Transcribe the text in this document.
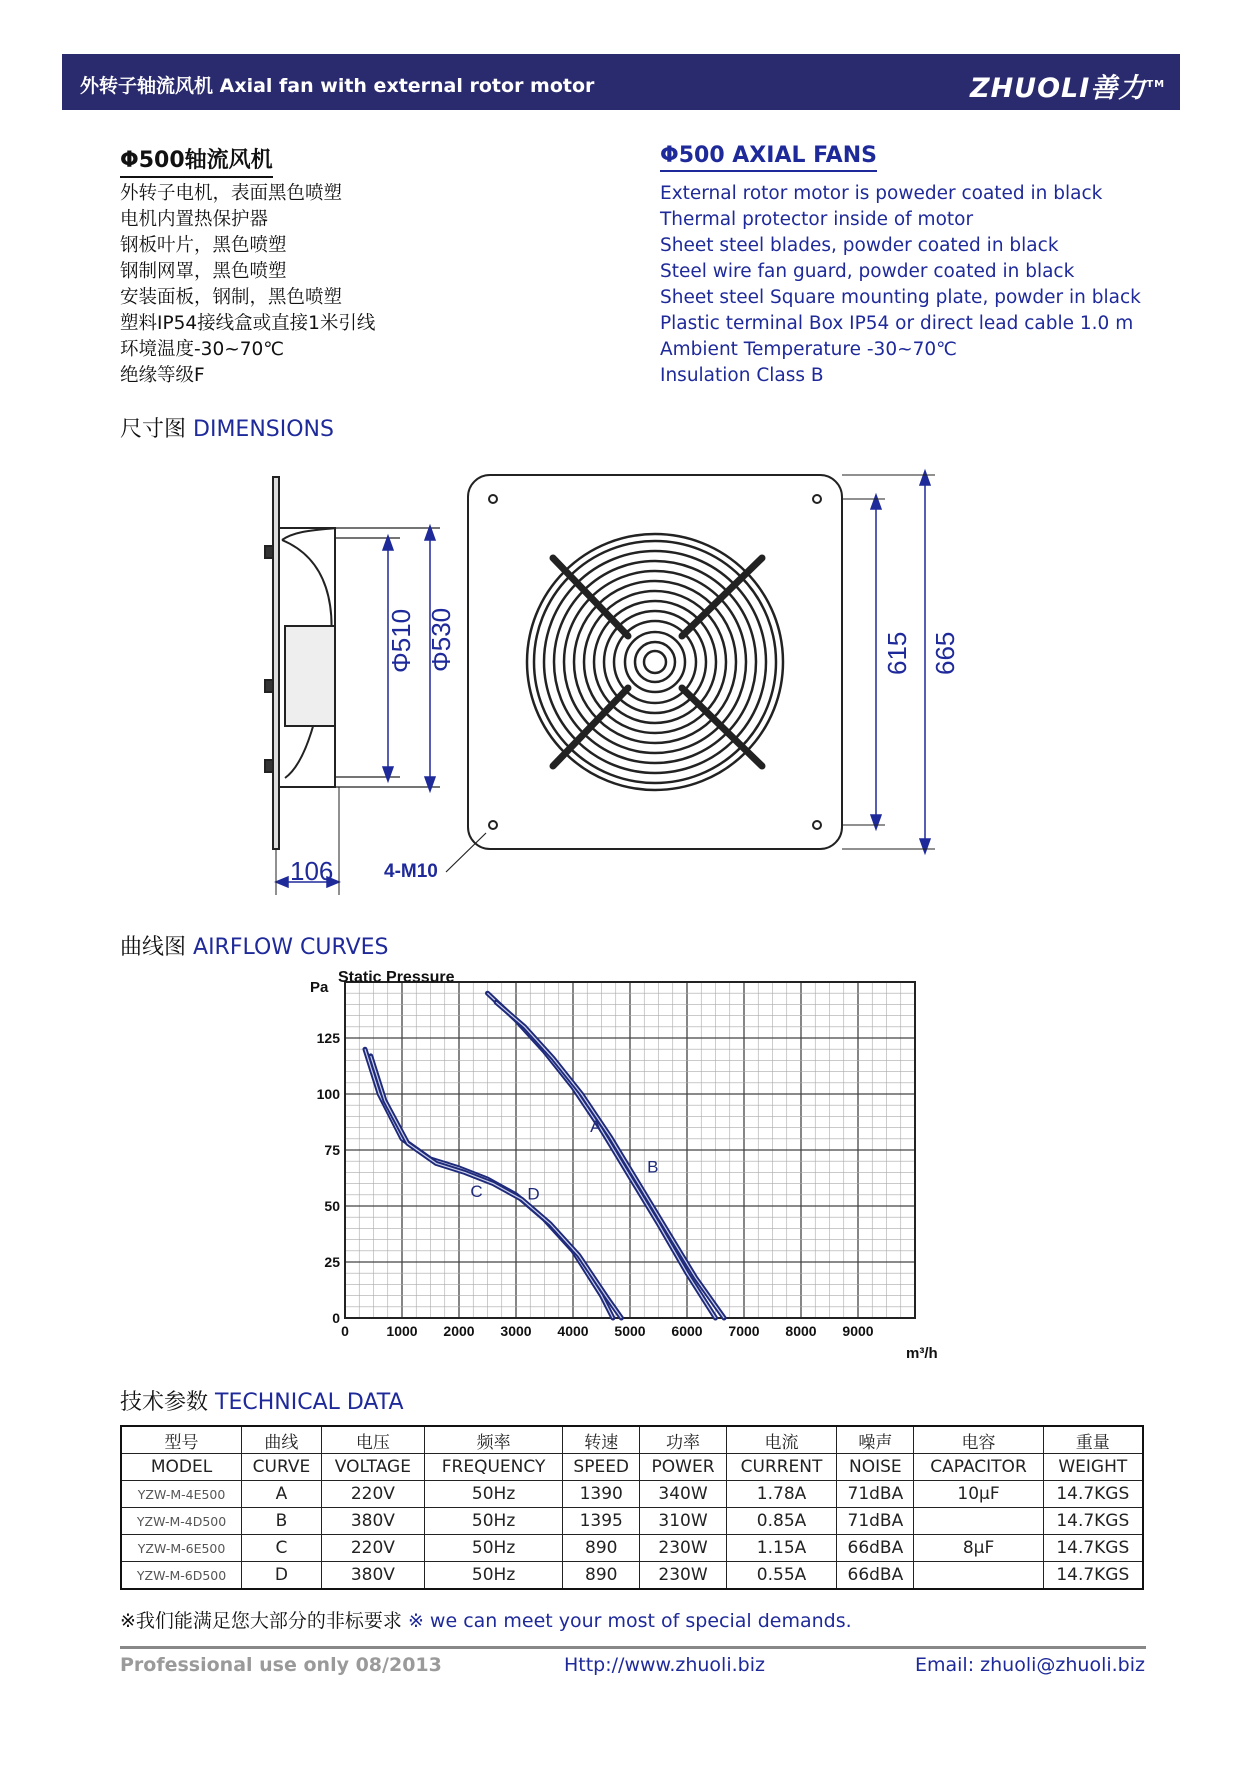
外转子轴流风机 Axial fan with external rotor motor	ZHUOLI善力™
Φ500轴流风机
外转子电机，表面黑色喷塑
电机内置热保护器
钢板叶片，黑色喷塑
钢制网罩，黑色喷塑
安装面板，钢制，黑色喷塑
塑料IP54接线盒或直接1米引线
环境温度-30~70℃
绝缘等级F
Φ500 AXIAL FANS
External rotor motor is poweder coated in black
Thermal protector inside of motor
Sheet steel blades, powder coated in black
Steel wire fan guard, powder coated in black
Sheet steel Square mounting plate, powder in black
Plastic terminal Box IP54 or direct lead cable 1.0 m
Ambient Temperature -30~70℃
Insulation Class B
尺寸图 DIMENSIONS
Φ510 Φ530
106	4-M10
615 665
曲线图 AIRFLOW CURVES
0	1000 2000 3000 4000 5000 6000 7000 8000 9000
0
25
50
75
100
125
A
B
C	D
Static Pressure
Pa
m³/h
技术参数 TECHNICAL DATA
型号	曲线	电压	频率	转速	功率	电流	噪声	电容	重量
MODEL	CURVE	VOLTAGE	FREQUENCY	SPEED	POWER	CURRENT	NOISE	CAPACITOR	WEIGHT
YZW-M-4E500	A	220V	50Hz	1390	340W	1.78A	71dBA	10μF	14.7KGS
YZW-M-4D500	B	380V	50Hz	1395	310W	0.85A	71dBA		14.7KGS
YZW-M-6E500	C	220V	50Hz	890	230W	1.15A	66dBA	8μF	14.7KGS
YZW-M-6D500	D	380V	50Hz	890	230W	0.55A	66dBA		14.7KGS
※我们能满足您大部分的非标要求 ※ we can meet your most of special demands.
Professional use only 08/2013	Http://www.zhuoli.biz	Email: zhuoli@zhuoli.biz
